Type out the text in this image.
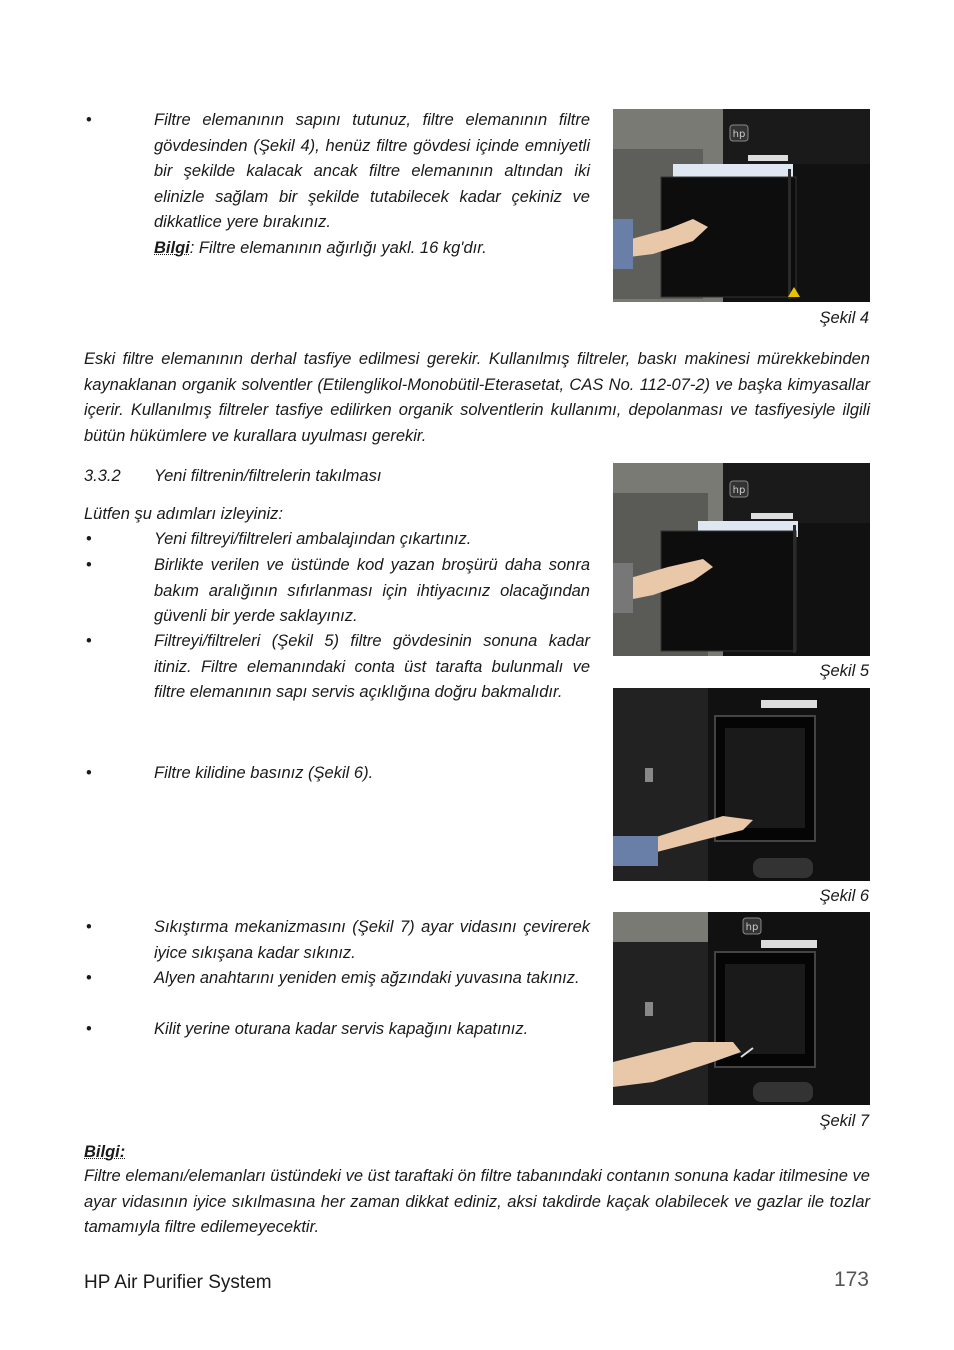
•	Filtre elemanının sapını tutunuz, filtre elemanının filtre gövdesinden (Şekil 4), henüz filtre gövdesi içinde emniyetli bir şekilde kalacak ancak filtre elemanının altından iki elinizle sağlam bir şekilde tutabilecek kadar çekiniz ve dikkatlice yere bırakınız.
Bilgi: Filtre elemanının ağırlığı yakl. 16 kg'dır.
hp
Şekil 4
Eski filtre elemanının derhal tasfiye edilmesi gerekir. Kullanılmış filtreler, baskı makinesi mürekkebinden kaynaklanan organik solventler (Etilenglikol-Monobütil-Eterasetat, CAS No. 112-07-2) ve başka kimyasallar içerir. Kullanılmış filtreler tasfiye edilirken organik solventlerin kullanımı, depolanması ve tasfiyesiyle ilgili bütün hükümlere ve kurallara uyulması gerekir.
3.3.2 Yeni filtrenin/filtrelerin takılması
Lütfen şu adımları izleyiniz:
•	Yeni filtreyi/filtreleri ambalajından çıkartınız.
•	Birlikte verilen ve üstünde kod yazan broşürü daha sonra bakım aralığının sıfırlanması için ihtiyacınız olacağından güvenli bir yerde saklayınız.
•	Filtreyi/filtreleri (Şekil 5) filtre gövdesinin sonuna kadar itiniz. Filtre elemanındaki conta üst tarafta bulunmalı ve filtre elemanının sapı servis açıklığına doğru bakmalıdır.
•	Filtre kilidine basınız (Şekil 6).
hp
Şekil 5
Şekil 6
•	Sıkıştırma mekanizmasını (Şekil 7) ayar vidasını çevirerek iyice sıkışana kadar sıkınız.
•	Alyen anahtarını yeniden emiş ağzındaki yuvasına takınız.
•	Kilit yerine oturana kadar servis kapağını kapatınız.
hp
Şekil 7
Bilgi:
Filtre elemanı/elemanları üstündeki ve üst taraftaki ön filtre tabanındaki contanın sonuna kadar itilmesine ve ayar vidasının iyice sıkılmasına her zaman dikkat ediniz, aksi takdirde kaçak olabilecek ve gazlar ile tozlar tamamıyla filtre edilemeyecektir.
HP Air Purifier System	173
